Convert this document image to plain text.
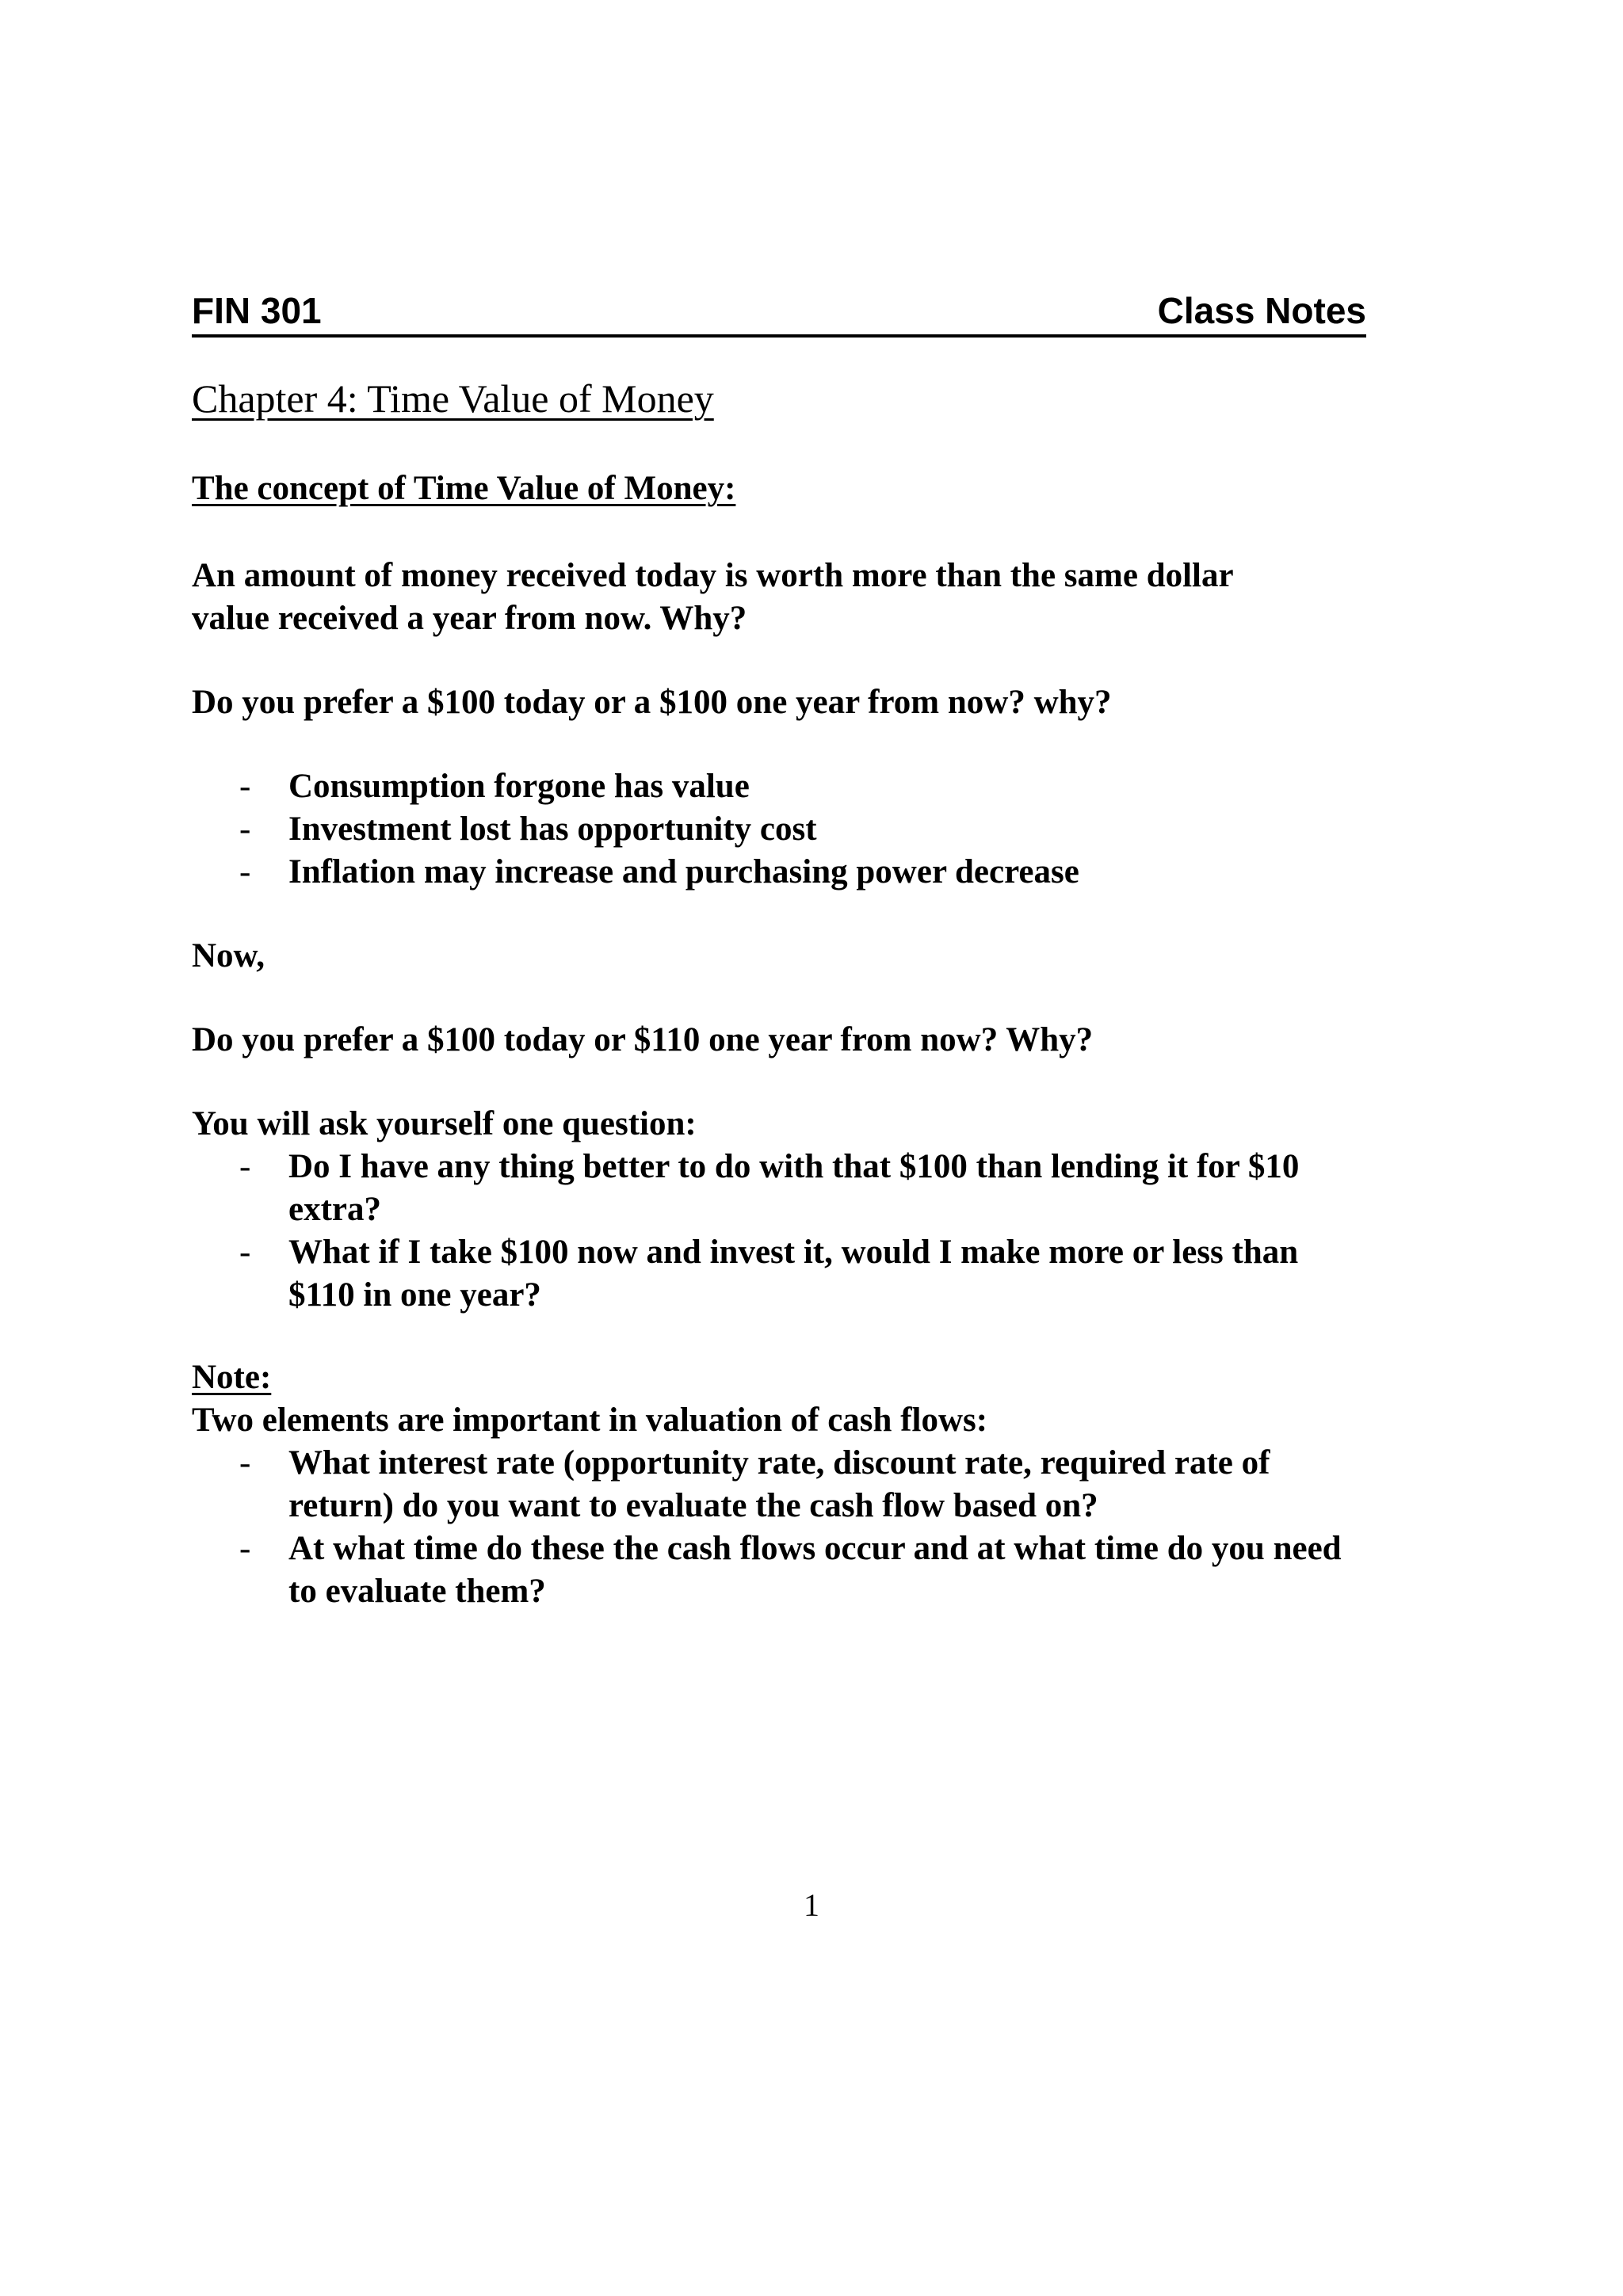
FIN 301	Class Notes
Chapter 4: Time Value of Money

The concept of Time Value of Money:

An amount of money received today is worth more than the same dollar
value received a year from now. Why?

Do you prefer a $100 today or a $100 one year from now? why?

- Consumption forgone has value
- Investment lost has opportunity cost
- Inflation may increase and purchasing power decrease

Now,

Do you prefer a $100 today or $110 one year from now? Why?

You will ask yourself one question:

- Do I have any thing better to do with that $100 than lending it for $10
extra?
- What if I take $100 now and invest it, would I make more or less than
$110 in one year?

Note:

Two elements are important in valuation of cash flows:

- What interest rate (opportunity rate, discount rate, required rate of
return) do you want to evaluate the cash flow based on?
- At what time do these the cash flows occur and at what time do you need
to evaluate them?
1
